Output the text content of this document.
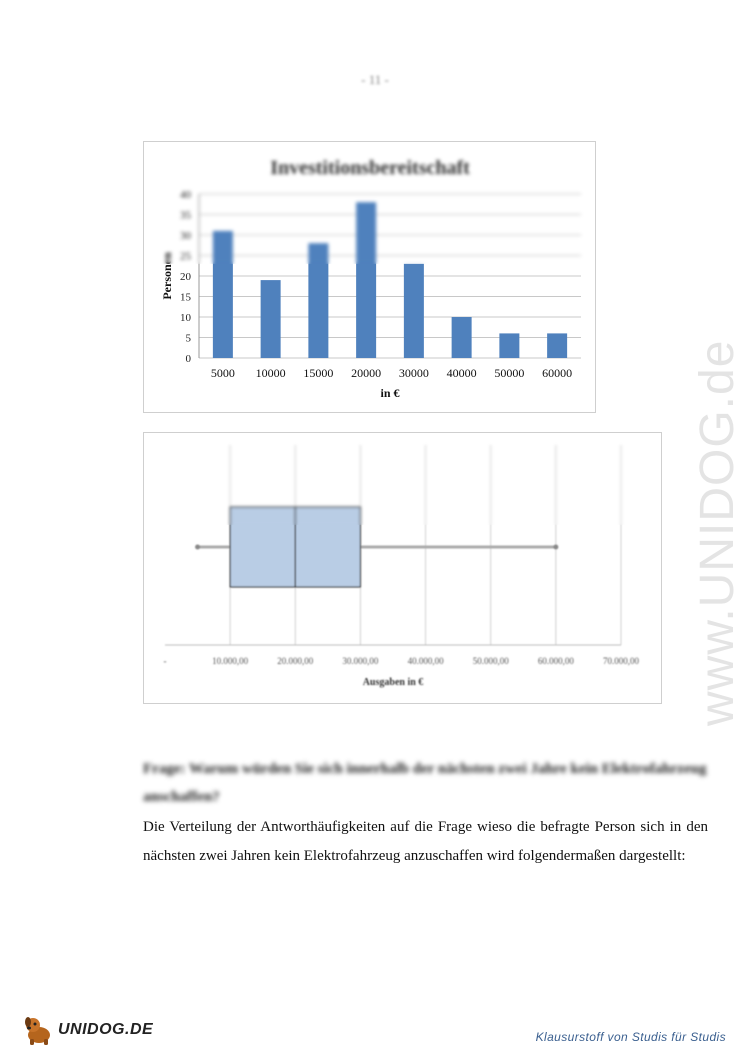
- 11 -
Investitionsbereitschaft
0
5
10
15
20
25
30
35
40
5000 10000 15000 20000 30000 40000 50000 60000
in €
Personen
-	10.000,00	20.000,00	30.000,00	40.000,00	50.000,00	60.000,00	70.000,00
Ausgaben in €
Frage: Warum würden Sie sich innerhalb der nächsten zwei Jahre kein Elektrofahrzeug anschaffen?
Die Verteilung der Antworthäufigkeiten auf die Frage wieso die befragte Person sich in den nächsten zwei Jahren kein Elektrofahrzeug anzuschaffen wird folgendermaßen dargestellt:
www.UNIDOG.de
UNIDOG.DE	Klausurstoff von Studis für Studis
